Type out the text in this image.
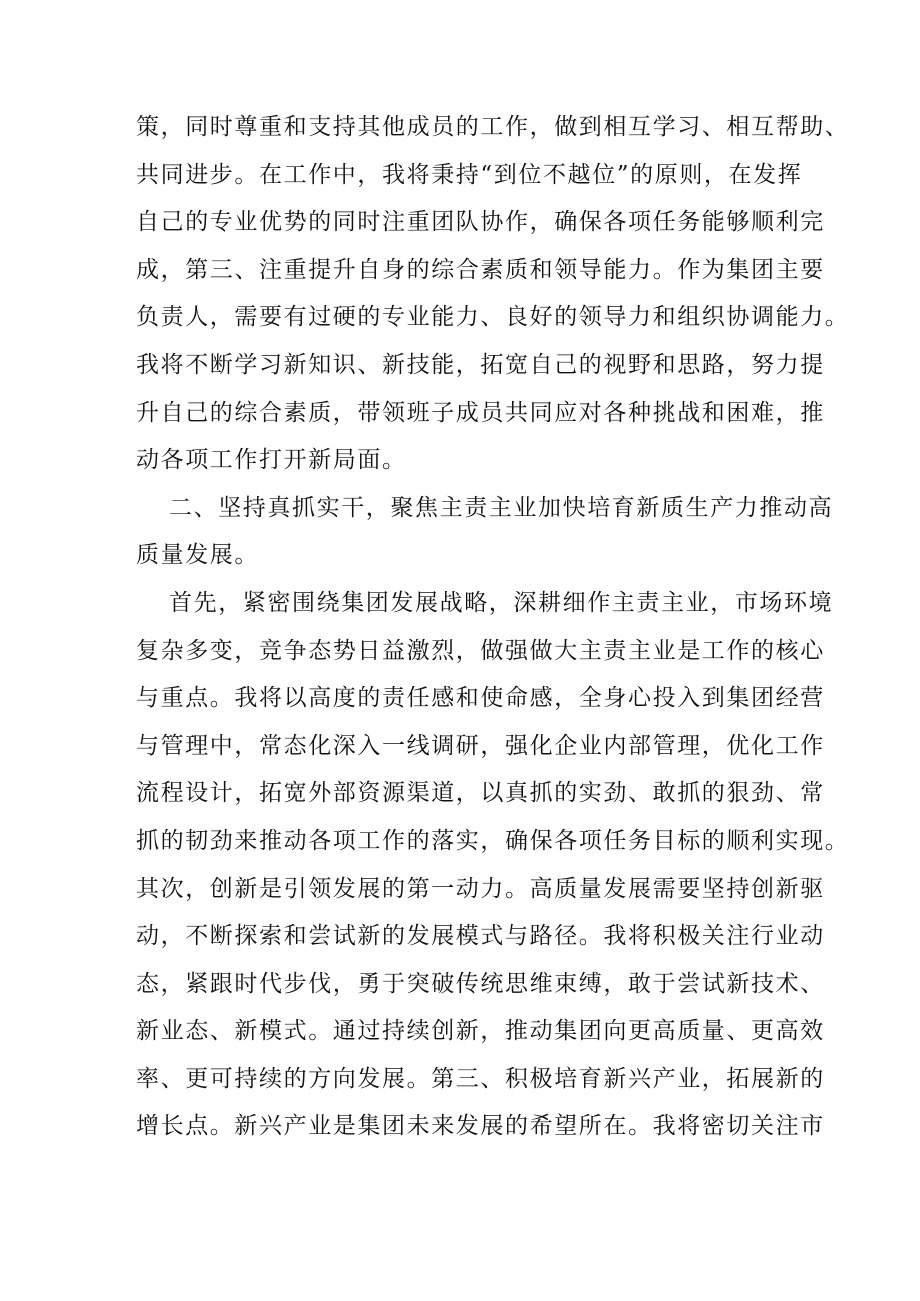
策，同时尊重和支持其他成员的工作，做到相互学习、相互帮助、
共同进步。在工作中，我将秉持“到位不越位”的原则，在发挥
自己的专业优势的同时注重团队协作，确保各项任务能够顺利完
成，第三、注重提升自身的综合素质和领导能力。作为集团主要
负责人，需要有过硬的专业能力、良好的领导力和组织协调能力。
我将不断学习新知识、新技能，拓宽自己的视野和思路，努力提
升自己的综合素质，带领班子成员共同应对各种挑战和困难，推
动各项工作打开新局面。
二、坚持真抓实干，聚焦主责主业加快培育新质生产力推动高
质量发展。
首先，紧密围绕集团发展战略，深耕细作主责主业，市场环境
复杂多变，竞争态势日益激烈，做强做大主责主业是工作的核心
与重点。我将以高度的责任感和使命感，全身心投入到集团经营
与管理中，常态化深入一线调研，强化企业内部管理，优化工作
流程设计，拓宽外部资源渠道，以真抓的实劲、敢抓的狠劲、常
抓的韧劲来推动各项工作的落实，确保各项任务目标的顺利实现。
其次，创新是引领发展的第一动力。高质量发展需要坚持创新驱
动，不断探索和尝试新的发展模式与路径。我将积极关注行业动
态，紧跟时代步伐，勇于突破传统思维束缚，敢于尝试新技术、
新业态、新模式。通过持续创新，推动集团向更高质量、更高效
率、更可持续的方向发展。第三、积极培育新兴产业，拓展新的
增长点。新兴产业是集团未来发展的希望所在。我将密切关注市
